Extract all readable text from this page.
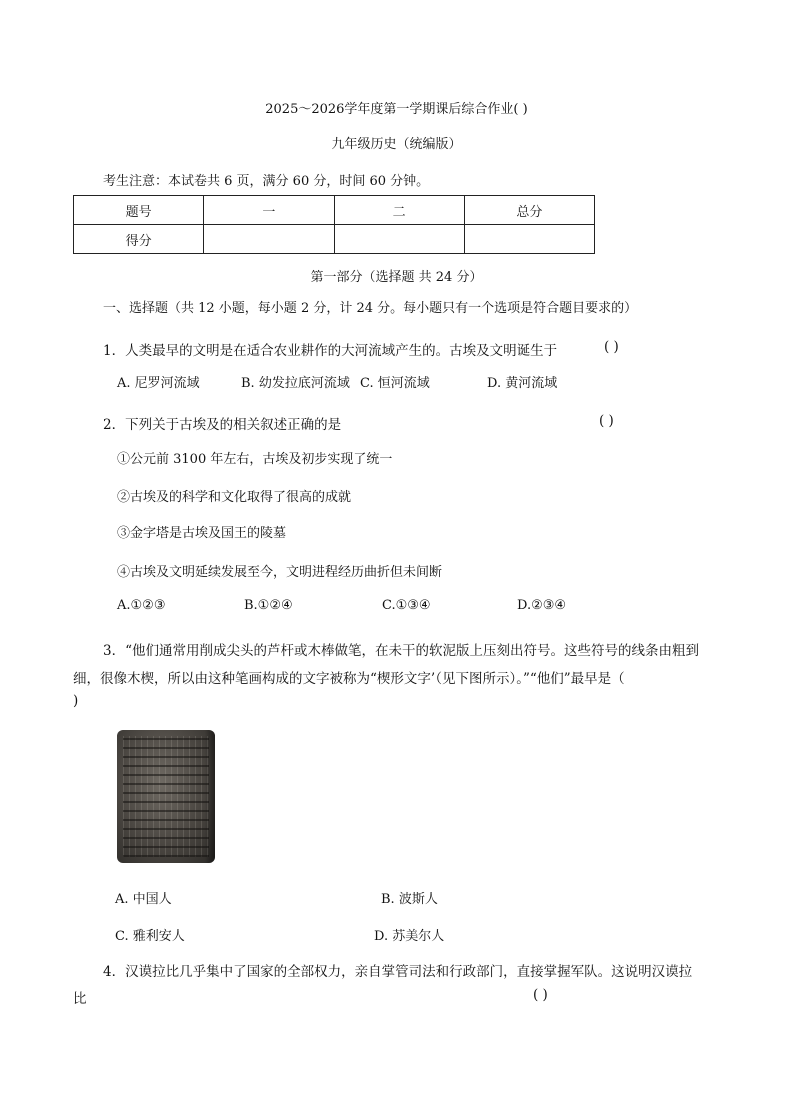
2025～2026学年度第一学期课后综合作业( )
九年级历史（统编版）
考生注意：本试卷共 6 页，满分 60 分，时间 60 分钟。
题号	一	二	总分
得分			
第一部分（选择题 共 24 分）
一、选择题（共 12 小题，每小题 2 分，计 24 分。每小题只有一个选项是符合题目要求的）
1．人类最早的文明是在适合农业耕作的大河流域产生的。古埃及文明诞生于	( )
A. 尼罗河流域	B. 幼发拉底河流域 C. 恒河流域	D. 黄河流域
2．下列关于古埃及的相关叙述正确的是	( )
①公元前 3100 年左右，古埃及初步实现了统一
②古埃及的科学和文化取得了很高的成就
③金字塔是古埃及国王的陵墓
④古埃及文明延续发展至今，文明进程经历曲折但未间断
A.①②③	B.①②④	C.①③④	D.②③④
3．“他们通常用削成尖头的芦杆或木棒做笔，在未干的软泥版上压刻出符号。这些符号的线条由粗到
细，很像木楔，所以由这种笔画构成的文字被称为“楔形文字’（见下图所示）。”“他们”最早是（
)
A. 中国人	B. 波斯人
C. 雅利安人	D. 苏美尔人
4．汉谟拉比几乎集中了国家的全部权力，亲自掌管司法和行政部门，直接掌握军队。这说明汉谟拉
比	( )
